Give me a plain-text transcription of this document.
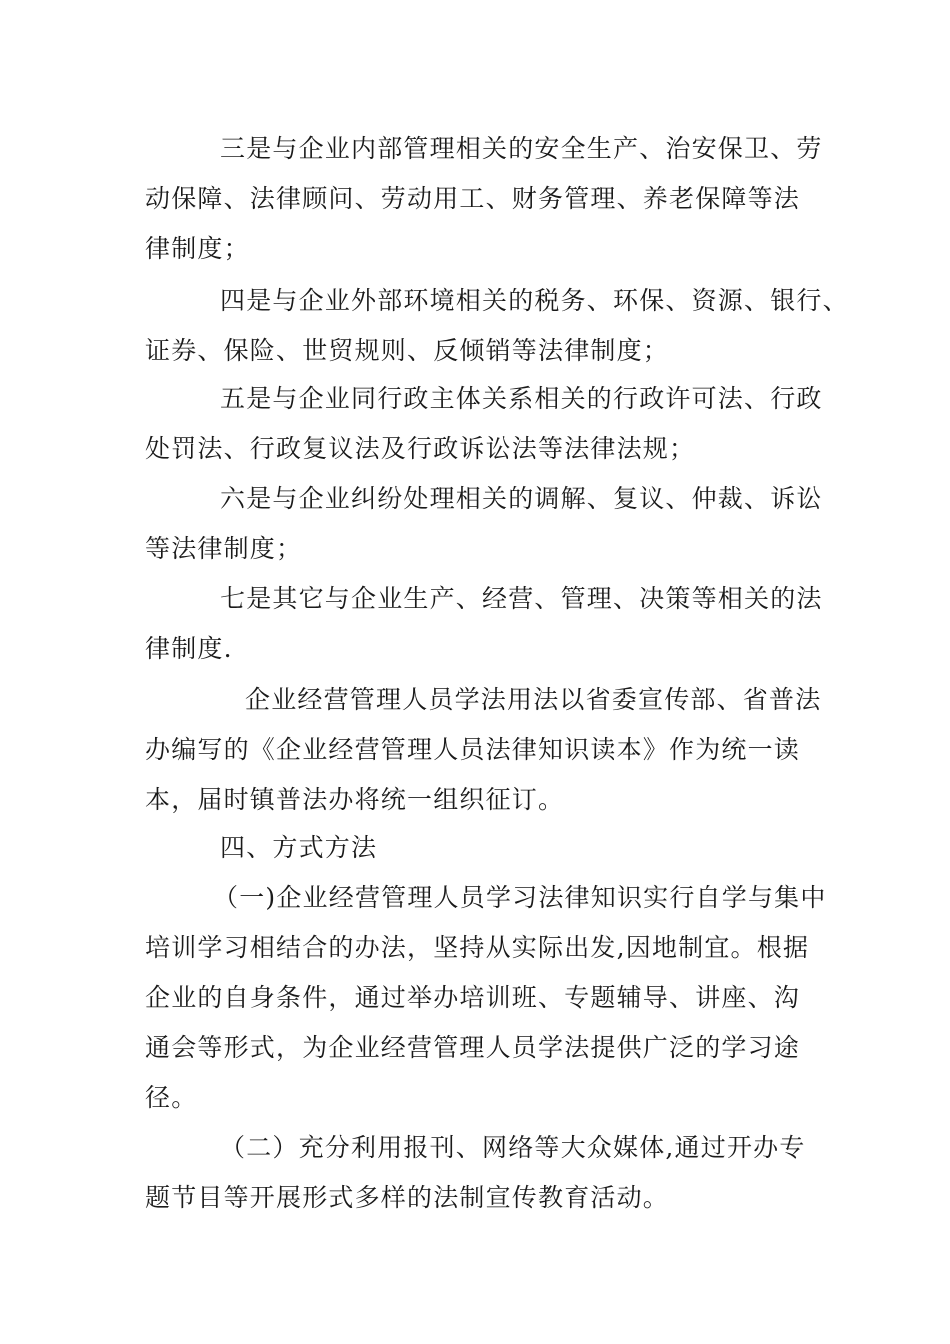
三是与企业内部管理相关的安全生产、治安保卫、劳
动保障、法律顾问、劳动用工、财务管理、养老保障等法
律制度；
四是与企业外部环境相关的税务、环保、资源、银行、
证券、保险、世贸规则、反倾销等法律制度；
五是与企业同行政主体关系相关的行政许可法、行政
处罚法、行政复议法及行政诉讼法等法律法规；
六是与企业纠纷处理相关的调解、复议、仲裁、诉讼
等法律制度；
七是其它与企业生产、经营、管理、决策等相关的法
律制度.
企业经营管理人员学法用法以省委宣传部、省普法
办编写的《企业经营管理人员法律知识读本》作为统一读
本，届时镇普法办将统一组织征订。
四、方式方法
（一)企业经营管理人员学习法律知识实行自学与集中
培训学习相结合的办法，坚持从实际出发,因地制宜。根据
企业的自身条件，通过举办培训班、专题辅导、讲座、沟
通会等形式，为企业经营管理人员学法提供广泛的学习途
径。
（二）充分利用报刊、网络等大众媒体,通过开办专
题节目等开展形式多样的法制宣传教育活动。
